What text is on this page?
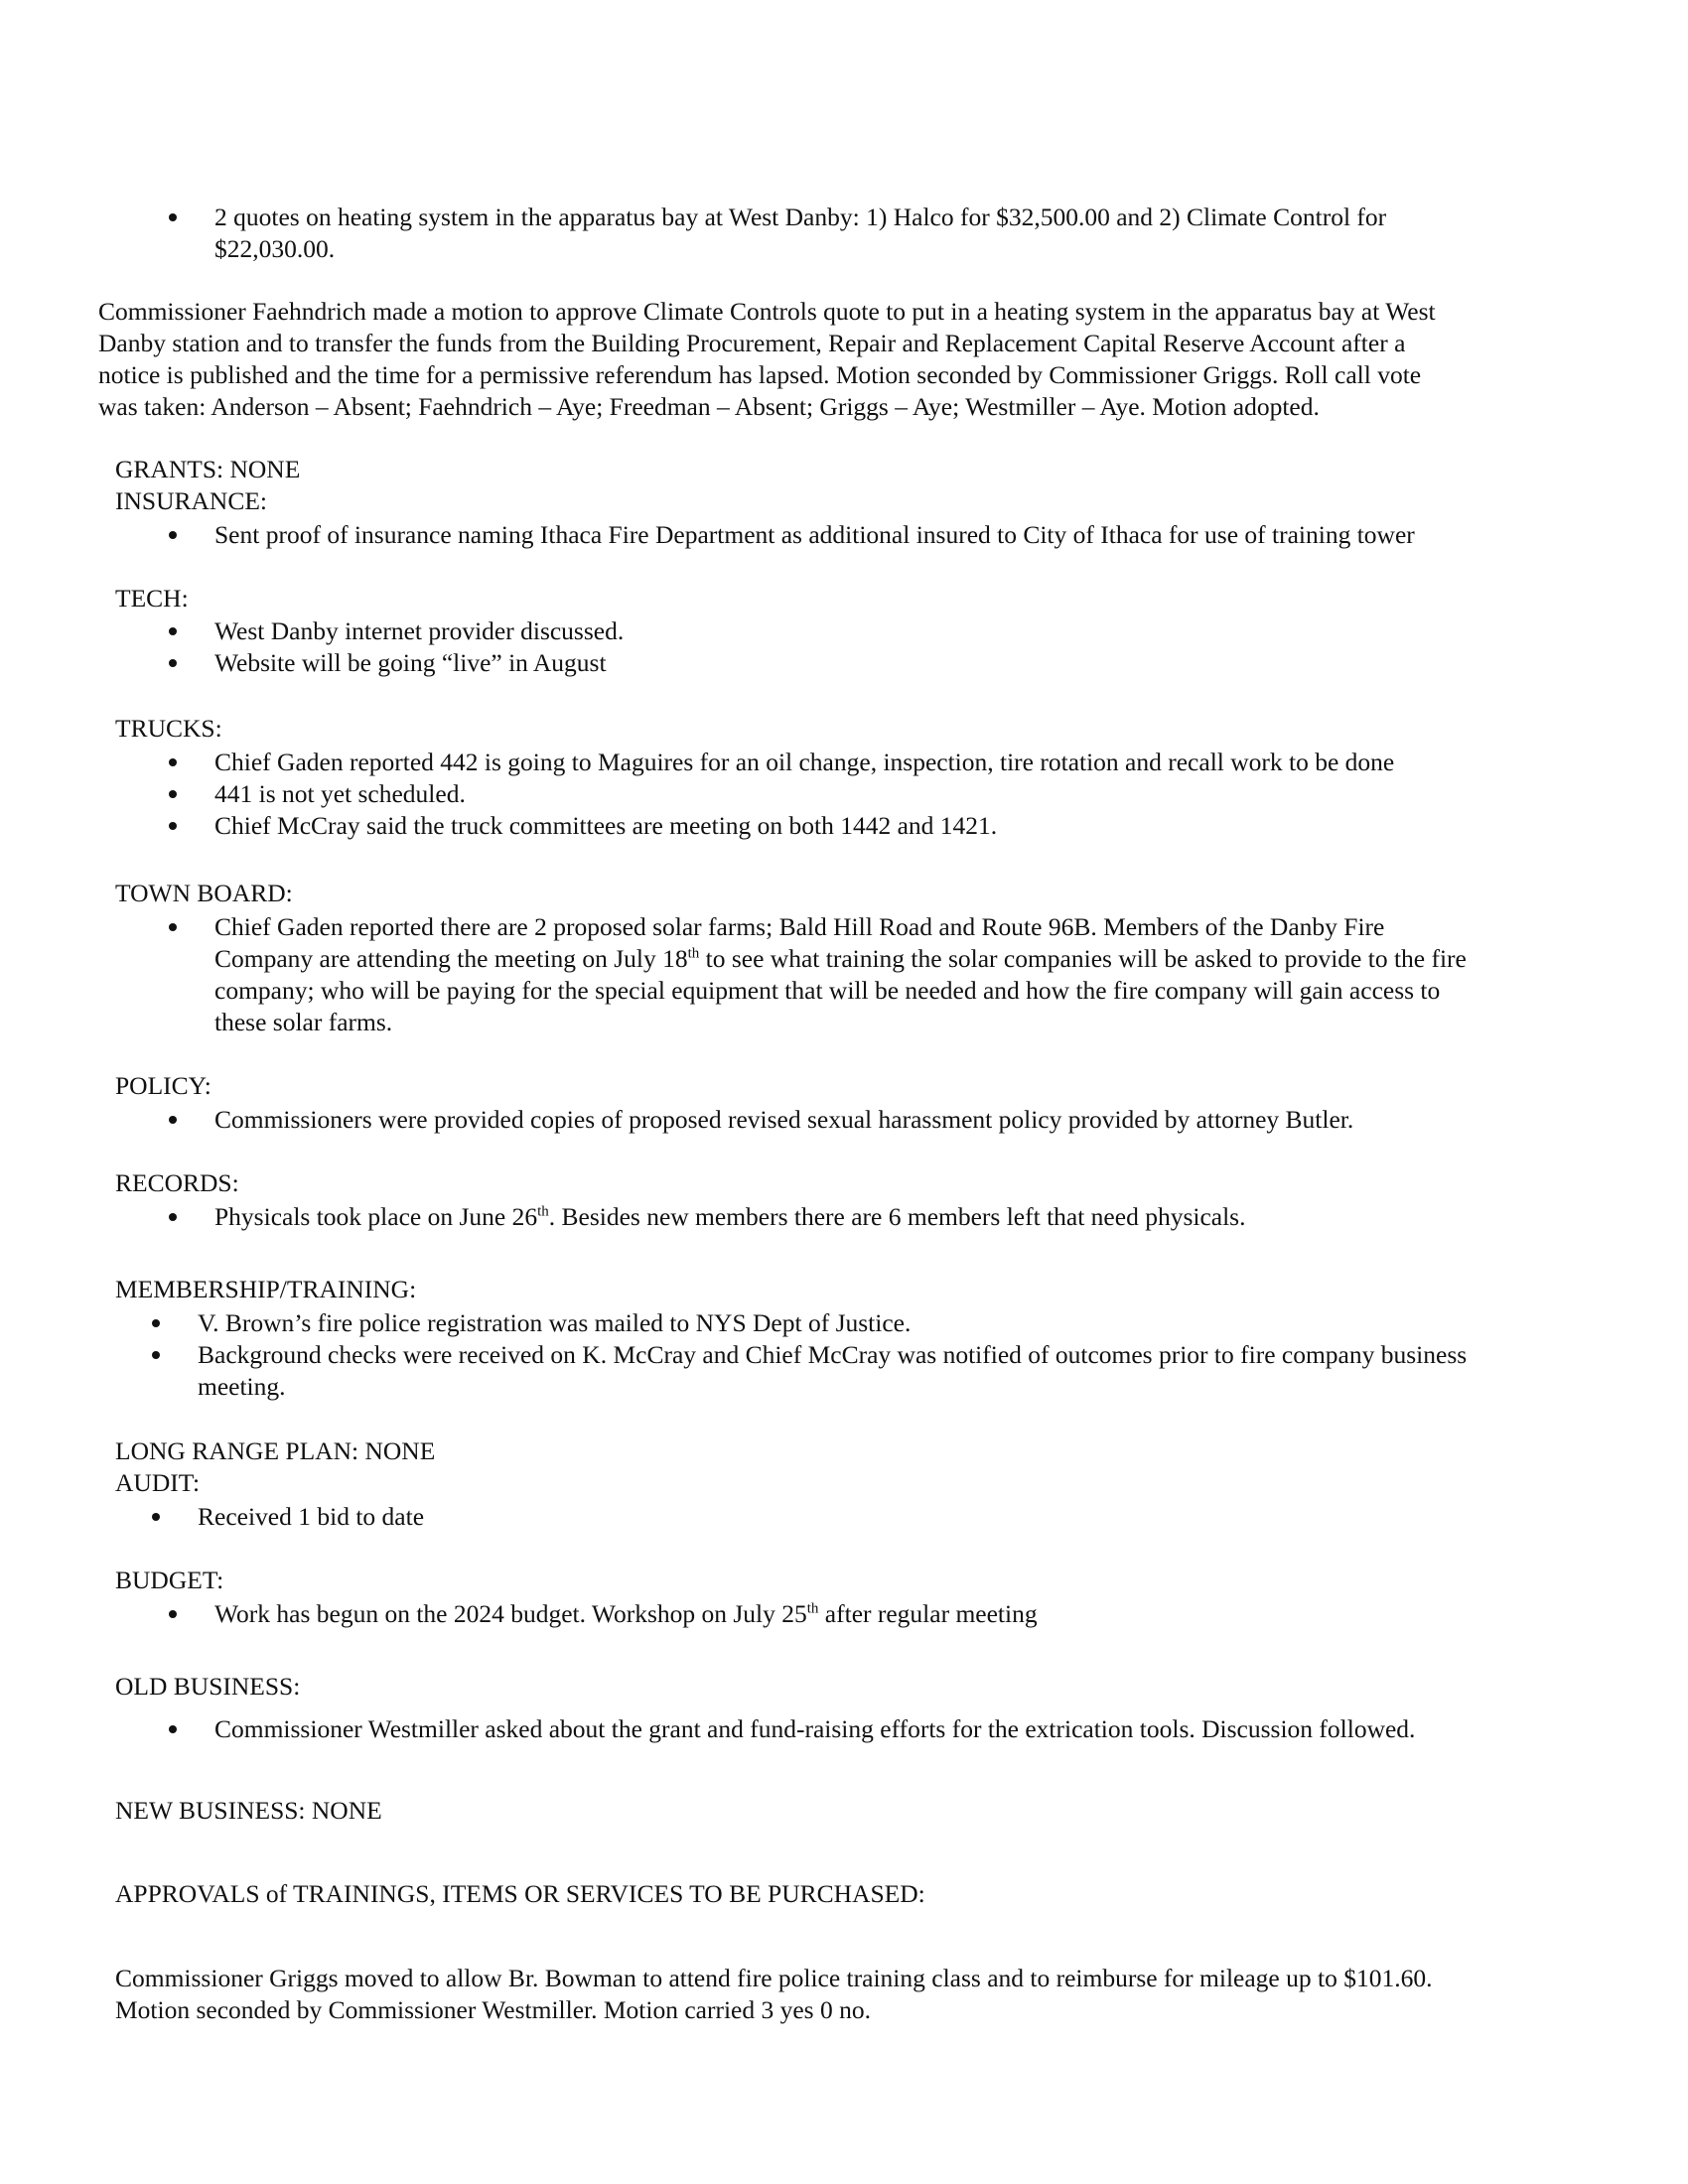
2 quotes on heating system in the apparatus bay at West Danby: 1) Halco for $32,500.00 and 2) Climate Control for
$22,030.00.
Commissioner Faehndrich made a motion to approve Climate Controls quote to put in a heating system in the apparatus bay at West
Danby station and to transfer the funds from the Building Procurement, Repair and Replacement Capital Reserve Account after a
notice is published and the time for a permissive referendum has lapsed. Motion seconded by Commissioner Griggs. Roll call vote
was taken: Anderson – Absent; Faehndrich – Aye; Freedman – Absent; Griggs – Aye; Westmiller – Aye. Motion adopted.
GRANTS: NONE
INSURANCE:
Sent proof of insurance naming Ithaca Fire Department as additional insured to City of Ithaca for use of training tower
TECH:
West Danby internet provider discussed.
Website will be going “live” in August
TRUCKS:
Chief Gaden reported 442 is going to Maguires for an oil change, inspection, tire rotation and recall work to be done
441 is not yet scheduled.
Chief McCray said the truck committees are meeting on both 1442 and 1421.
TOWN BOARD:
Chief Gaden reported there are 2 proposed solar farms; Bald Hill Road and Route 96B. Members of the Danby Fire
Company are attending the meeting on July 18th to see what training the solar companies will be asked to provide to the fire
company; who will be paying for the special equipment that will be needed and how the fire company will gain access to
these solar farms.
POLICY:
Commissioners were provided copies of proposed revised sexual harassment policy provided by attorney Butler.
RECORDS:
Physicals took place on June 26th. Besides new members there are 6 members left that need physicals.
MEMBERSHIP/TRAINING:
V. Brown’s fire police registration was mailed to NYS Dept of Justice.
Background checks were received on K. McCray and Chief McCray was notified of outcomes prior to fire company business
meeting.
LONG RANGE PLAN: NONE
AUDIT:
Received 1 bid to date
BUDGET:
Work has begun on the 2024 budget. Workshop on July 25th after regular meeting
OLD BUSINESS:
Commissioner Westmiller asked about the grant and fund-raising efforts for the extrication tools. Discussion followed.
NEW BUSINESS: NONE
APPROVALS of TRAININGS, ITEMS OR SERVICES TO BE PURCHASED:
Commissioner Griggs moved to allow Br. Bowman to attend fire police training class and to reimburse for mileage up to $101.60.
Motion seconded by Commissioner Westmiller. Motion carried 3 yes 0 no.
